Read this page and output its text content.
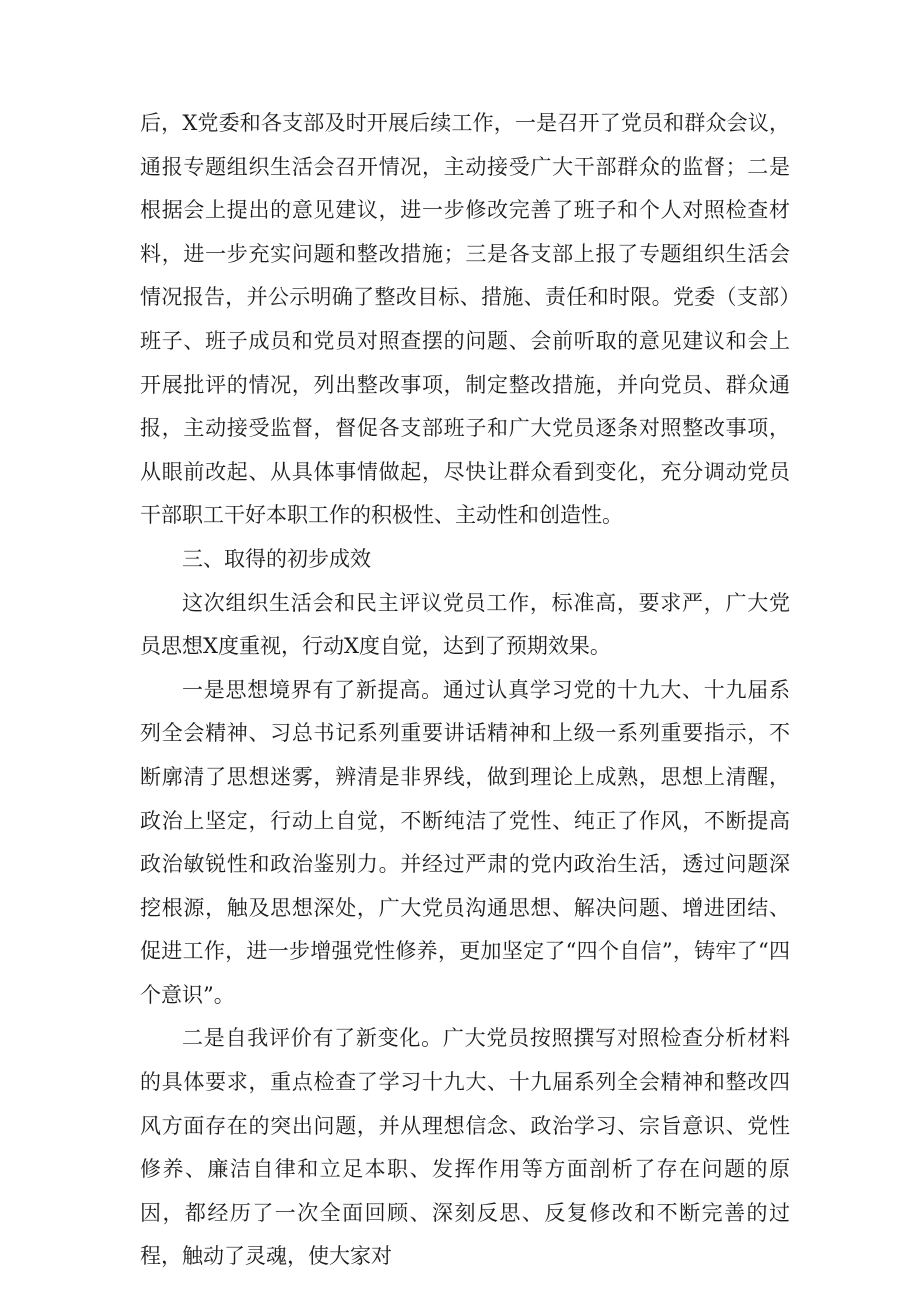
后，X党委和各支部及时开展后续工作，一是召开了党员和群众会议，通报专题组织生活会召开情况，主动接受广大干部群众的监督；二是根据会上提出的意见建议，进一步修改完善了班子和个人对照检查材料，进一步充实问题和整改措施；三是各支部上报了专题组织生活会情况报告，并公示明确了整改目标、措施、责任和时限。党委（支部）班子、班子成员和党员对照查摆的问题、会前听取的意见建议和会上开展批评的情况，列出整改事项，制定整改措施，并向党员、群众通报，主动接受监督，督促各支部班子和广大党员逐条对照整改事项，从眼前改起、从具体事情做起，尽快让群众看到变化，充分调动党员干部职工干好本职工作的积极性、主动性和创造性。

三、取得的初步成效

这次组织生活会和民主评议党员工作，标准高，要求严，广大党员思想X度重视，行动X度自觉，达到了预期效果。

一是思想境界有了新提高。通过认真学习党的十九大、十九届系列全会精神、习总书记系列重要讲话精神和上级一系列重要指示，不断廓清了思想迷雾，辨清是非界线，做到理论上成熟，思想上清醒，政治上坚定，行动上自觉，不断纯洁了党性、纯正了作风，不断提高政治敏锐性和政治鉴别力。并经过严肃的党内政治生活，透过问题深挖根源，触及思想深处，广大党员沟通思想、解决问题、增进团结、促进工作，进一步增强党性修养，更加坚定了“四个自信”，铸牢了“四个意识”。

二是自我评价有了新变化。广大党员按照撰写对照检查分析材料的具体要求，重点检查了学习十九大、十九届系列全会精神和整改四风方面存在的突出问题，并从理想信念、政治学习、宗旨意识、党性修养、廉洁自律和立足本职、发挥作用等方面剖析了存在问题的原因，都经历了一次全面回顾、深刻反思、反复修改和不断完善的过程，触动了灵魂，使大家对
